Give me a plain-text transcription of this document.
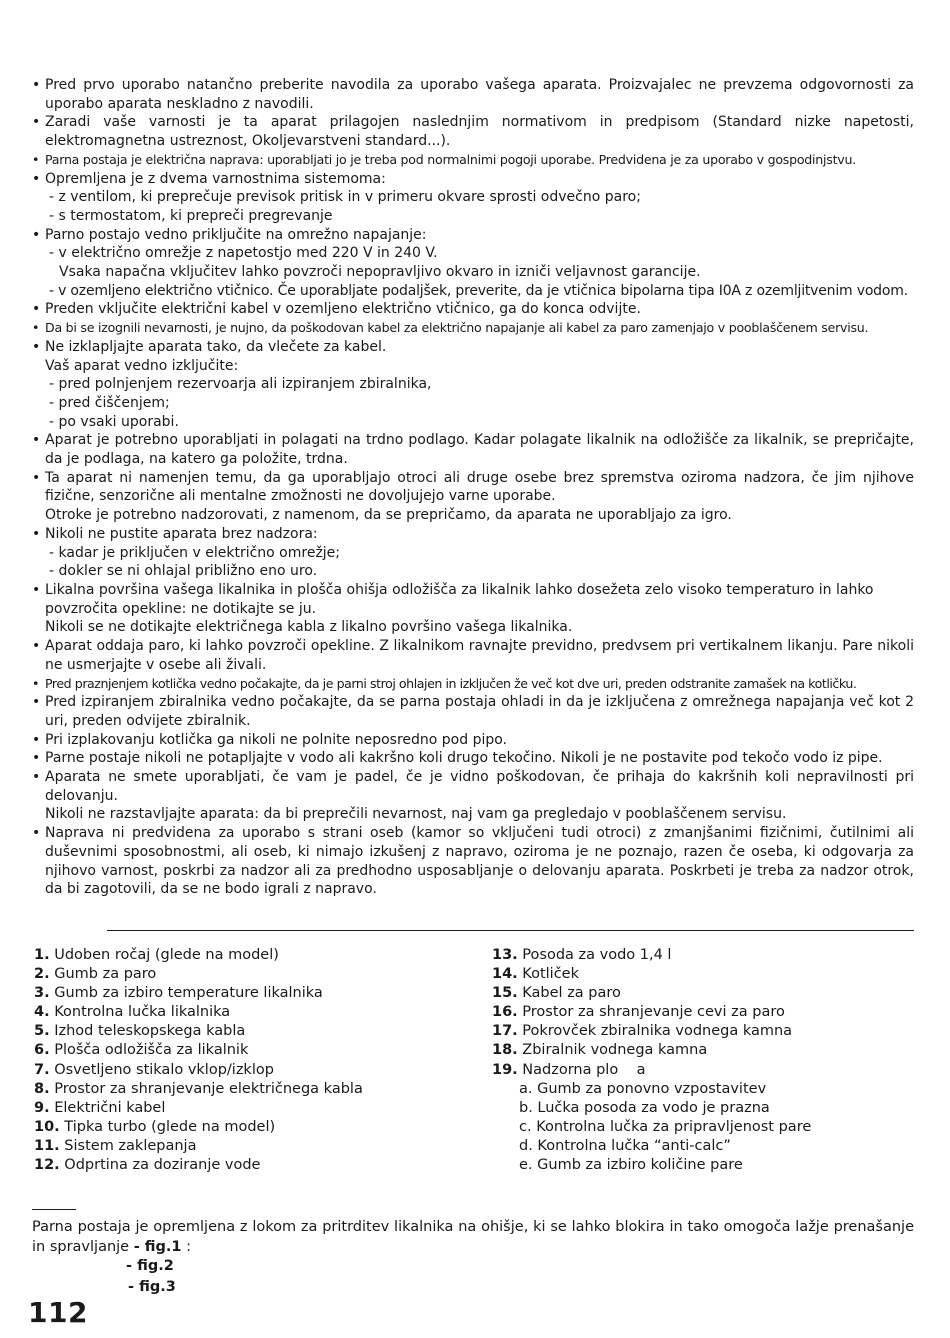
• Pred prvo uporabo natančno preberite navodila za uporabo vašega aparata. Proizvajalec ne prevzema odgovornosti za uporabo aparata neskladno z navodili.

• Zaradi vaše varnosti je ta aparat prilagojen naslednjim normativom in predpisom (Standard nizke napetosti, elektromagnetna ustreznost, Okoljevarstveni standard...).

• Parna postaja je električna naprava: uporabljati jo je treba pod normalnimi pogoji uporabe. Predvidena je za uporabo v gospodinjstvu.

• Opremljena je z dvema varnostnima sistemoma:

- z ventilom, ki preprečuje previsok pritisk in v primeru okvare sprosti odvečno paro;

- s termostatom, ki prepreči pregrevanje

• Parno postajo vedno priključite na omrežno napajanje:

- v električno omrežje z napetostjo med 220 V in 240 V.

Vsaka napačna vključitev lahko povzroči nepopravljivo okvaro in izniči veljavnost garancije.

- v ozemljeno električno vtičnico. Če uporabljate podaljšek, preverite, da je vtičnica bipolarna tipa I0A z ozemljitvenim vodom.

• Preden vključite električni kabel v ozemljeno električno vtičnico, ga do konca odvijte.

• Da bi se izognili nevarnosti, je nujno, da poškodovan kabel za električno napajanje ali kabel za paro zamenjajo v pooblaščenem servisu.

• Ne izklapljajte aparata tako, da vlečete za kabel.

Vaš aparat vedno izključite:

- pred polnjenjem rezervoarja ali izpiranjem zbiralnika,

- pred čiščenjem;

- po vsaki uporabi.

• Aparat je potrebno uporabljati in polagati na trdno podlago. Kadar polagate likalnik na odložišče za likalnik, se prepričajte, da je podlaga, na katero ga položite, trdna.

• Ta aparat ni namenjen temu, da ga uporabljajo otroci ali druge osebe brez spremstva oziroma nadzora, če jim njihove fizične, senzorične ali mentalne zmožnosti ne dovoljujejo varne uporabe.

Otroke je potrebno nadzorovati, z namenom, da se prepričamo, da aparata ne uporabljajo za igro.

• Nikoli ne pustite aparata brez nadzora:

- kadar je priključen v električno omrežje;

- dokler se ni ohlajal približno eno uro.

• Likalna površina vašega likalnika in plošča ohišja odložišča za likalnik lahko dosežeta zelo visoko temperaturo in lahko povzročita opekline: ne dotikajte se ju.

Nikoli se ne dotikajte električnega kabla z likalno površino vašega likalnika.

• Aparat oddaja paro, ki lahko povzroči opekline. Z likalnikom ravnajte previdno, predvsem pri vertikalnem likanju. Pare nikoli ne usmerjajte v osebe ali živali.

• Pred praznjenjem kotlička vedno počakajte, da je parni stroj ohlajen in izključen že več kot dve uri, preden odstranite zamašek na kotličku.

• Pred izpiranjem zbiralnika vedno počakajte, da se parna postaja ohladi in da je izključena z omrežnega napajanja več kot 2 uri, preden odvijete zbiralnik.

• Pri izplakovanju kotlička ga nikoli ne polnite neposredno pod pipo.

• Parne postaje nikoli ne potapljajte v vodo ali kakršno koli drugo tekočino. Nikoli je ne postavite pod tekočo vodo iz pipe.

• Aparata ne smete uporabljati, če vam je padel, če je vidno poškodovan, če prihaja do kakršnih koli nepravilnosti pri delovanju.

Nikoli ne razstavljajte aparata: da bi preprečili nevarnost, naj vam ga pregledajo v pooblaščenem servisu.

• Naprava ni predvidena za uporabo s strani oseb (kamor so vključeni tudi otroci) z zmanjšanimi fizičnimi, čutilnimi ali duševnimi sposobnostmi, ali oseb, ki nimajo izkušenj z napravo, oziroma je ne poznajo, razen če oseba, ki odgovarja za njihovo varnost, poskrbi za nadzor ali za predhodno usposabljanje o delovanju aparata. Poskrbeti je treba za nadzor otrok, da bi zagotovili, da se ne bodo igrali z napravo.

1. Udoben ročaj (glede na model)
2. Gumb za paro
3. Gumb za izbiro temperature likalnika
4. Kontrolna lučka likalnika
5. Izhod teleskopskega kabla
6. Plošča odložišča za likalnik
7. Osvetljeno stikalo vklop/izklop
8. Prostor za shranjevanje električnega kabla
9. Električni kabel
10. Tipka turbo (glede na model)
11. Sistem zaklepanja
12. Odprtina za doziranje vode
13. Posoda za vodo 1,4 l
14. Kotliček
15. Kabel za paro
16. Prostor za shranjevanje cevi za paro
17. Pokrovček zbiralnika vodnega kamna
18. Zbiralnik vodnega kamna
19. Nadzorna plo    a
a. Gumb za ponovno vzpostavitev
b. Lučka posoda za vodo je prazna
c. Kontrolna lučka za pripravljenost pare
d. Kontrolna lučka “anti-calc”
e. Gumb za izbiro količine pare
Parna postaja je opremljena z lokom za pritrditev likalnika na ohišje, ki se lahko blokira in tako omogoča lažje prenašanje in spravljanje - fig.1 :
- fig.2
- fig.3
112
